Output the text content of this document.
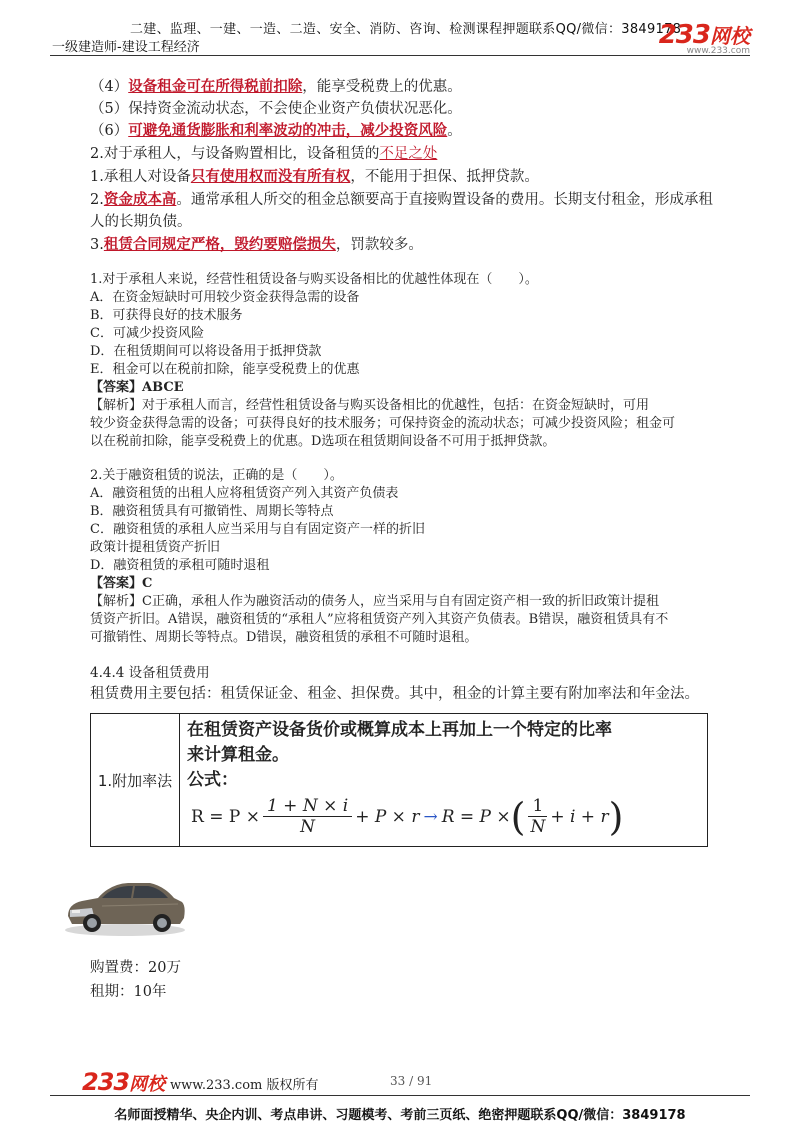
二建、监理、一建、一造、二造、安全、消防、咨询、检测课程押题联系QQ/微信：3849178
一级建造师-建设工程经济	233网校
www.233.com
（4）设备租金可在所得税前扣除，能享受税费上的优惠。
（5）保持资金流动状态，不会使企业资产负债状况恶化。
（6）可避免通货膨胀和利率波动的冲击，减少投资风险。
2.对于承租人，与设备购置相比，设备租赁的不足之处
1.承租人对设备只有使用权而没有所有权，不能用于担保、抵押贷款。
2.资金成本高。通常承租人所交的租金总额要高于直接购置设备的费用。长期支付租金，形成承租
人的长期负债。
3.租赁合同规定严格，毁约要赔偿损失，罚款较多。
1.对于承租人来说，经营性租赁设备与购买设备相比的优越性体现在（　　）。
A．在资金短缺时可用较少资金获得急需的设备
B．可获得良好的技术服务
C．可减少投资风险
D．在租赁期间可以将设备用于抵押贷款
E．租金可以在税前扣除，能享受税费上的优惠
【答案】ABCE
【解析】对于承租人而言，经营性租赁设备与购买设备相比的优越性，包括：在资金短缺时，可用
较少资金获得急需的设备；可获得良好的技术服务；可保持资金的流动状态；可减少投资风险；租金可
以在税前扣除，能享受税费上的优惠。D选项在租赁期间设备不可用于抵押贷款。
2.关于融资租赁的说法，正确的是（　　）。
A．融资租赁的出租人应将租赁资产列入其资产负债表
B．融资租赁具有可撤销性、周期长等特点
C．融资租赁的承租人应当采用与自有固定资产一样的折旧
政策计提租赁资产折旧
D．融资租赁的承租可随时退租
【答案】C
【解析】C正确，承租人作为融资活动的债务人，应当采用与自有固定资产相一致的折旧政策计提租
赁资产折旧。A错误，融资租赁的“承租人”应将租赁资产列入其资产负债表。B错误，融资租赁具有不
可撤销性、周期长等特点。D错误，融资租赁的承租不可随时退租。
4.4.4 设备租赁费用
租赁费用主要包括：租赁保证金、租金、担保费。其中，租金的计算主要有附加率法和年金法。
1.附加率法
在租赁资产设备货价或概算成本上再加上一个特定的比率
来计算租金。
公式：
$R = P \times \frac{1 + N \times i}{N} + P \times r \to R = P$ × ( $\frac{1}{N} + i + r$ )
购置费：20万
租期：10年
233网校 www.233.com 版权所有	33 / 91
名师面授精华、央企内训、考点串讲、习题模考、考前三页纸、绝密押题联系QQ/微信：3849178
